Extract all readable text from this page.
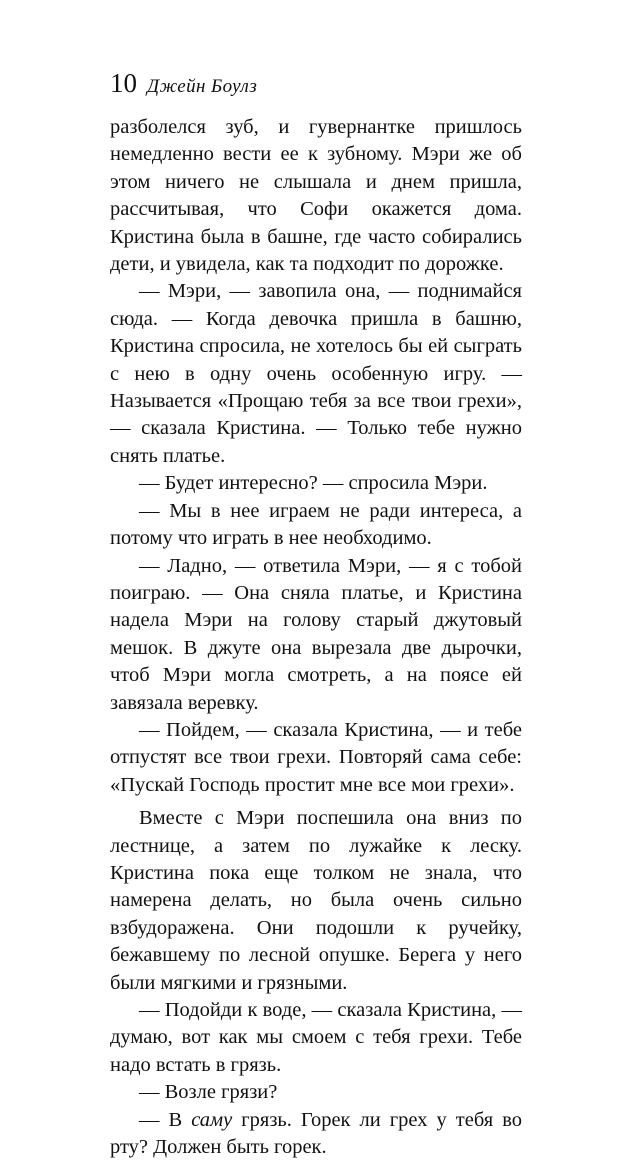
10 Джейн Боулз

разболелся зуб, и гувернантке пришлось немедленно вести ее к зубному. Мэри же об этом ничего не слышала и днем пришла, рассчитывая, что Софи окажется дома. Кристина была в башне, где часто собирались дети, и увидела, как та подходит по дорожке.

— Мэри, — завопила она, — поднимайся сюда. — Когда девочка пришла в башню, Кристина спросила, не хотелось бы ей сыграть с нею в одну очень особенную игру. — Называется «Прощаю тебя за все твои грехи», — сказала Кристина. — Только тебе нужно снять платье.

— Будет интересно? — спросила Мэри.

— Мы в нее играем не ради интереса, а потому что играть в нее необходимо.

— Ладно, — ответила Мэри, — я с тобой поиграю. — Она сняла платье, и Кристина надела Мэри на голову старый джутовый мешок. В джуте она вырезала две дырочки, чтоб Мэри могла смотреть, а на поясе ей завязала веревку.

— Пойдем, — сказала Кристина, — и тебе отпустят все твои грехи. Повторяй сама себе: «Пускай Господь простит мне все мои грехи».

Вместе с Мэри поспешила она вниз по лестнице, а затем по лужайке к леску. Кристина пока еще толком не знала, что намерена делать, но была очень сильно взбудоражена. Они подошли к ручейку, бежавшему по лесной опушке. Берега у него были мягкими и грязными.

— Подойди к воде, — сказала Кристина, — думаю, вот как мы смоем с тебя грехи. Тебе надо встать в грязь.

— Возле грязи?

— В саму грязь. Горек ли грех у тебя во рту? Должен быть горек.
